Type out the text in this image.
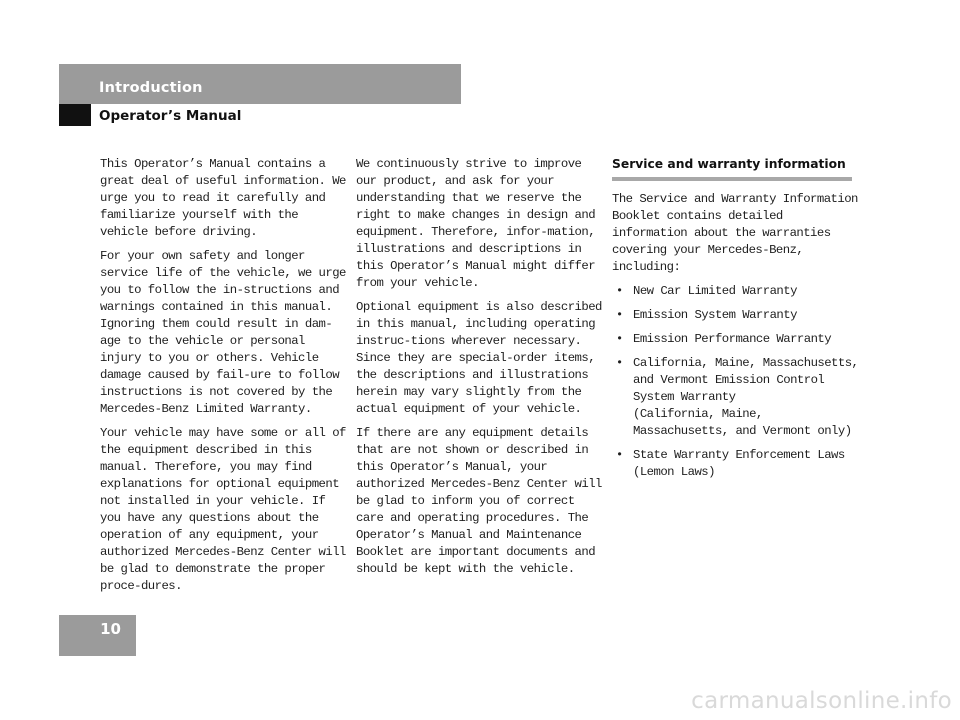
Introduction
Operator’s Manual

This Operator’s Manual contains a great deal of useful information. We urge you to read it carefully and familiarize yourself with the vehicle before driving.

For your own safety and longer service life of the vehicle, we urge you to follow the in-structions and warnings contained in this manual. Ignoring them could result in dam-age to the vehicle or personal injury to you or others. Vehicle damage caused by fail-ure to follow instructions is not covered by the Mercedes-Benz Limited Warranty.

Your vehicle may have some or all of the equipment described in this manual. Therefore, you may find explanations for optional equipment not installed in your vehicle. If you have any questions about the operation of any equipment, your authorized Mercedes-Benz Center will be glad to demonstrate the proper proce-dures.

We continuously strive to improve our product, and ask for your understanding that we reserve the right to make changes in design and equipment. Therefore, infor-mation, illustrations and descriptions in this Operator’s Manual might differ from your vehicle.

Optional equipment is also described in this manual, including operating instruc-tions wherever necessary. Since they are special-order items, the descriptions and illustrations herein may vary slightly from the actual equipment of your vehicle.

If there are any equipment details that are not shown or described in this Operator’s Manual, your authorized Mercedes-Benz Center will be glad to inform you of correct care and operating procedures. The Operator’s Manual and Maintenance Booklet are important documents and should be kept with the vehicle.

Service and warranty information

The Service and Warranty Information Booklet contains detailed information about the warranties covering your Mercedes-Benz, including:

• New Car Limited Warranty
• Emission System Warranty
• Emission Performance Warranty
• California, Maine, Massachusetts, and Vermont Emission Control System Warranty
(California, Maine, Massachusetts, and Vermont only)
• State Warranty Enforcement Laws
(Lemon Laws)
10
carmanualsonline.info
